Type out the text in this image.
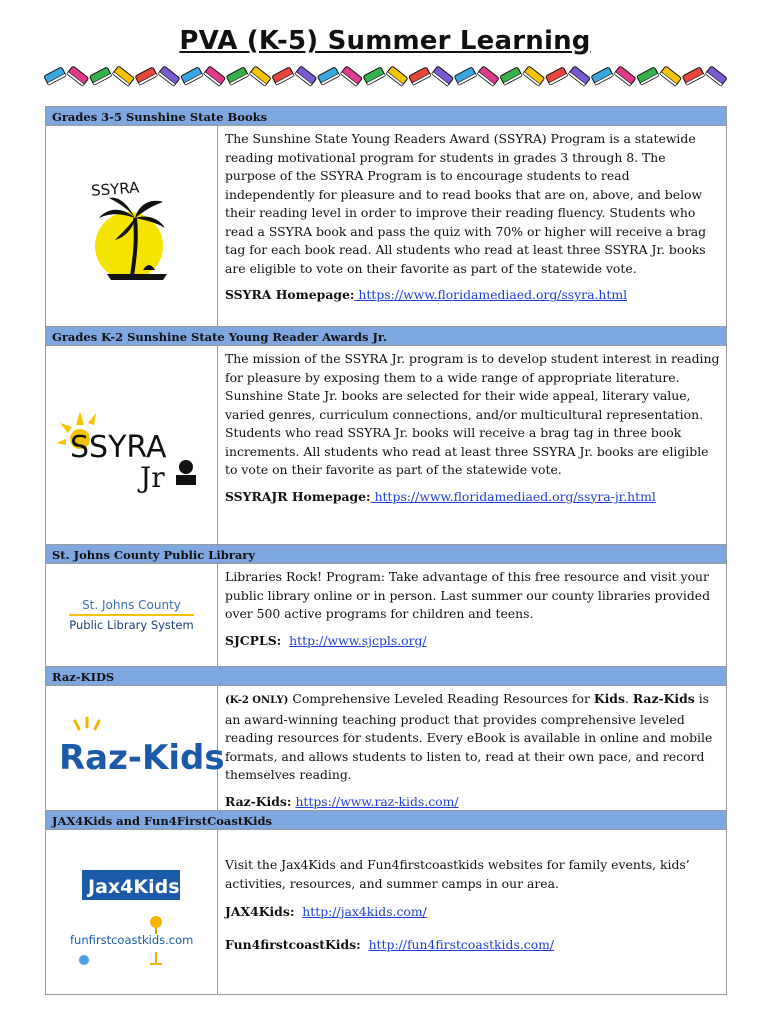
PVA (K-5) Summer Learning
Grades 3-5 Sunshine State Books
SSYRA

The Sunshine State Young Readers Award (SSYRA) Program is a statewide reading motivational program for students in grades 3 through 8. The purpose of the SSYRA Program is to encourage students to read independently for pleasure and to read books that are on, above, and below their reading level in order to improve their reading fluency. Students who read a SSYRA book and pass the quiz with 70% or higher will receive a brag tag for each book read. All students who read at least three SSYRA Jr. books are eligible to vote on their favorite as part of the statewide vote.

SSYRA Homepage: https://www.floridamediaed.org/ssyra.html

Grades K-2 Sunshine State Young Reader Awards Jr.
SSYRA
Jr

The mission of the SSYRA Jr. program is to develop student interest in reading for pleasure by exposing them to a wide range of appropriate literature. Sunshine State Jr. books are selected for their wide appeal, literary value, varied genres, curriculum connections, and/or multicultural representation. Students who read SSYRA Jr. books will receive a brag tag in three book increments. All students who read at least three SSYRA Jr. books are eligible to vote on their favorite as part of the statewide vote.

SSYRAJR Homepage: https://www.floridamediaed.org/ssyra-jr.html

St. Johns County Public Library
St. Johns County
Public Library System

Libraries Rock! Program: Take advantage of this free resource and visit your public library online or in person. Last summer our county libraries provided over 500 active programs for children and teens.

SJCPLS: http://www.sjcpls.org/

Raz-KIDS
Raz-Kids

(K-2 ONLY) Comprehensive Leveled Reading Resources for Kids. Raz-Kids is an award-winning teaching product that provides comprehensive leveled reading resources for students. Every eBook is available in online and mobile formats, and allows students to listen to, read at their own pace, and record themselves reading.

Raz-Kids: https://www.raz-kids.com/

JAX4Kids and Fun4FirstCoastKids
Jax4Kids
funfirstcoastkids.com

Visit the Jax4Kids and Fun4firstcoastkids websites for family events, kids’ activities, resources, and summer camps in our area.

JAX4Kids: http://jax4kids.com/

Fun4firstcoastKids: http://fun4firstcoastkids.com/
